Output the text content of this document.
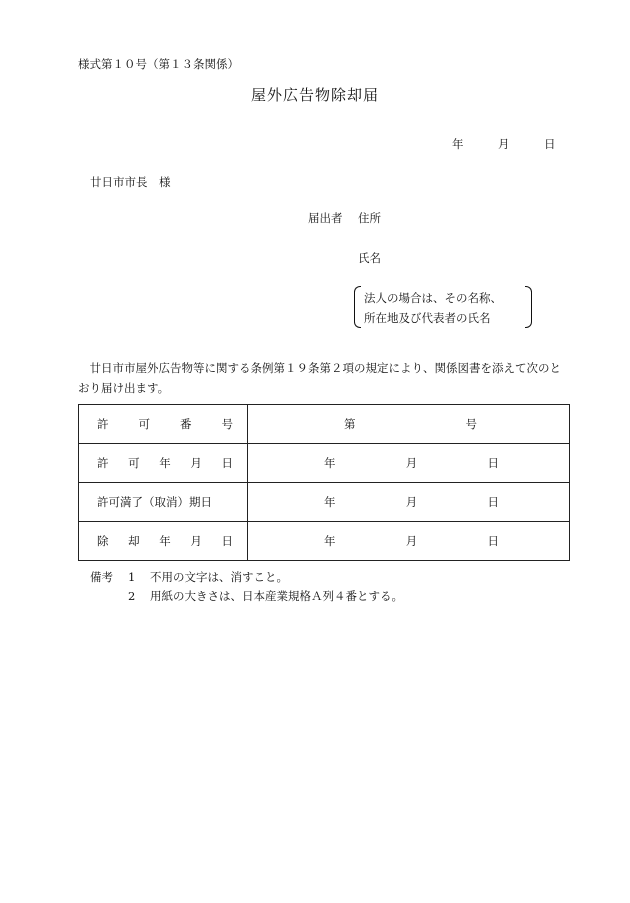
様式第１０号（第１３条関係）
屋外広告物除却届
年	月	日
廿日市市長　様
届出者 住所
氏名
法人の場合は、その名称、
所在地及び代表者の氏名

廿日市市屋外広告物等に関する条例第１９条第２項の規定により、関係図書を添えて次のと

おり届け出ます。

許 可 番 号	第 号

許 可 年 月 日	年 月 日

許可満了（取消）期日	年 月 日

除 却 年 月 日	年 月 日
備考	1	不用の文字は、消すこと。
2	用紙の大きさは、日本産業規格Ａ列４番とする。
